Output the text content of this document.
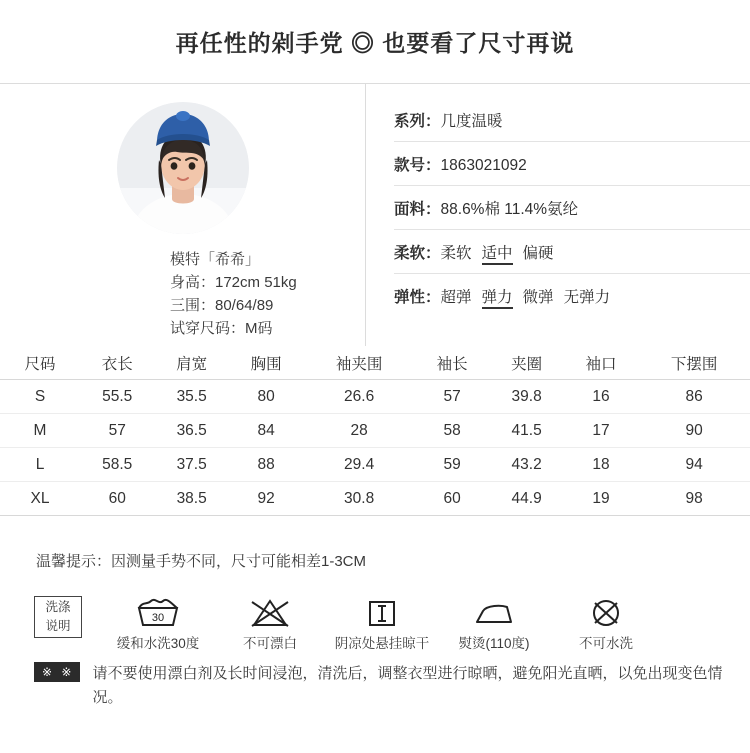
再任性的剁手党 ◎ 也要看了尺寸再说
模特「希希」
身高：172cm 51kg
三围：80/64/89
试穿尺码：M码
系列：几度温暖
款号：1863021092
面料：88.6%棉 11.4%氨纶
柔软：柔软 适中 偏硬
弹性：超弹 弹力 微弹 无弹力
尺码	衣长	肩宽	胸围	袖夹围	袖长	夹圈	袖口	下摆围
S	55.5	35.5	80	26.6	57	39.8	16	86
M	57	36.5	84	28	58	41.5	17	90
L	58.5	37.5	88	29.4	59	43.2	18	94
XL	60	38.5	92	30.8	60	44.9	19	98
温馨提示：因测量手势不同，尺寸可能相差1-3CM
洗涤
说明
30
缓和水洗30度	不可漂白	阴凉处悬挂晾干	熨烫(110度)	不可水洗
※ ※	请不要使用漂白剂及长时间浸泡，清洗后，调整衣型进行晾晒，避免阳光直晒，以免出现变色情况。
